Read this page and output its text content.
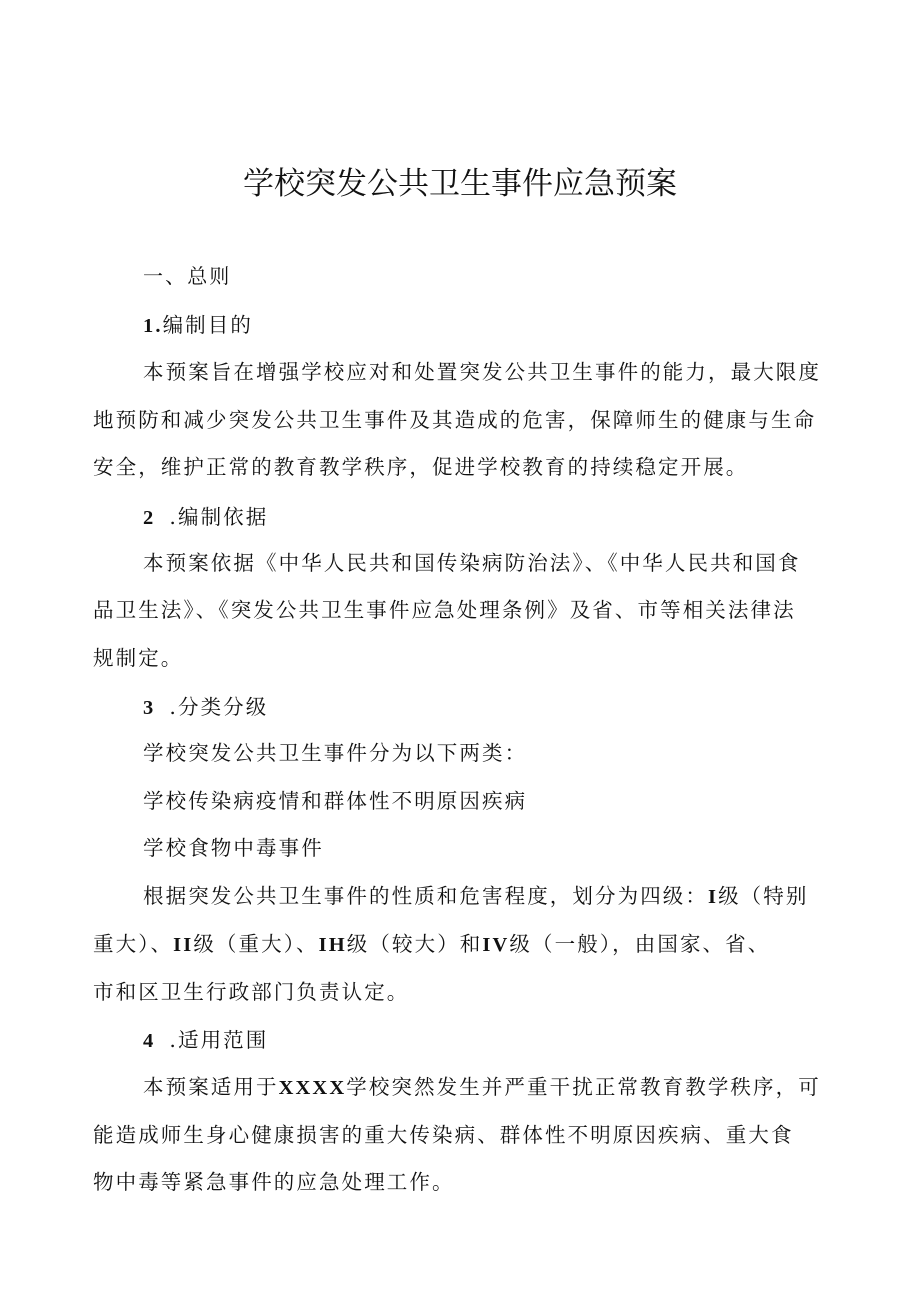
学校突发公共卫生事件应急预案
一、总则
1.编制目的
本预案旨在增强学校应对和处置突发公共卫生事件的能力，最大限度
地预防和减少突发公共卫生事件及其造成的危害，保障师生的健康与生命
安全，维护正常的教育教学秩序，促进学校教育的持续稳定开展。
2 .编制依据
本预案依据《中华人民共和国传染病防治法》、《中华人民共和国食
品卫生法》、《突发公共卫生事件应急处理条例》及省、市等相关法律法
规制定。
3 .分类分级
学校突发公共卫生事件分为以下两类：
学校传染病疫情和群体性不明原因疾病
学校食物中毒事件
根据突发公共卫生事件的性质和危害程度，划分为四级：I级（特别
重大）、II级（重大）、IH级（较大）和IV级（一般），由国家、省、
市和区卫生行政部门负责认定。
4 .适用范围
本预案适用于XXXX学校突然发生并严重干扰正常教育教学秩序，可
能造成师生身心健康损害的重大传染病、群体性不明原因疾病、重大食
物中毒等紧急事件的应急处理工作。
